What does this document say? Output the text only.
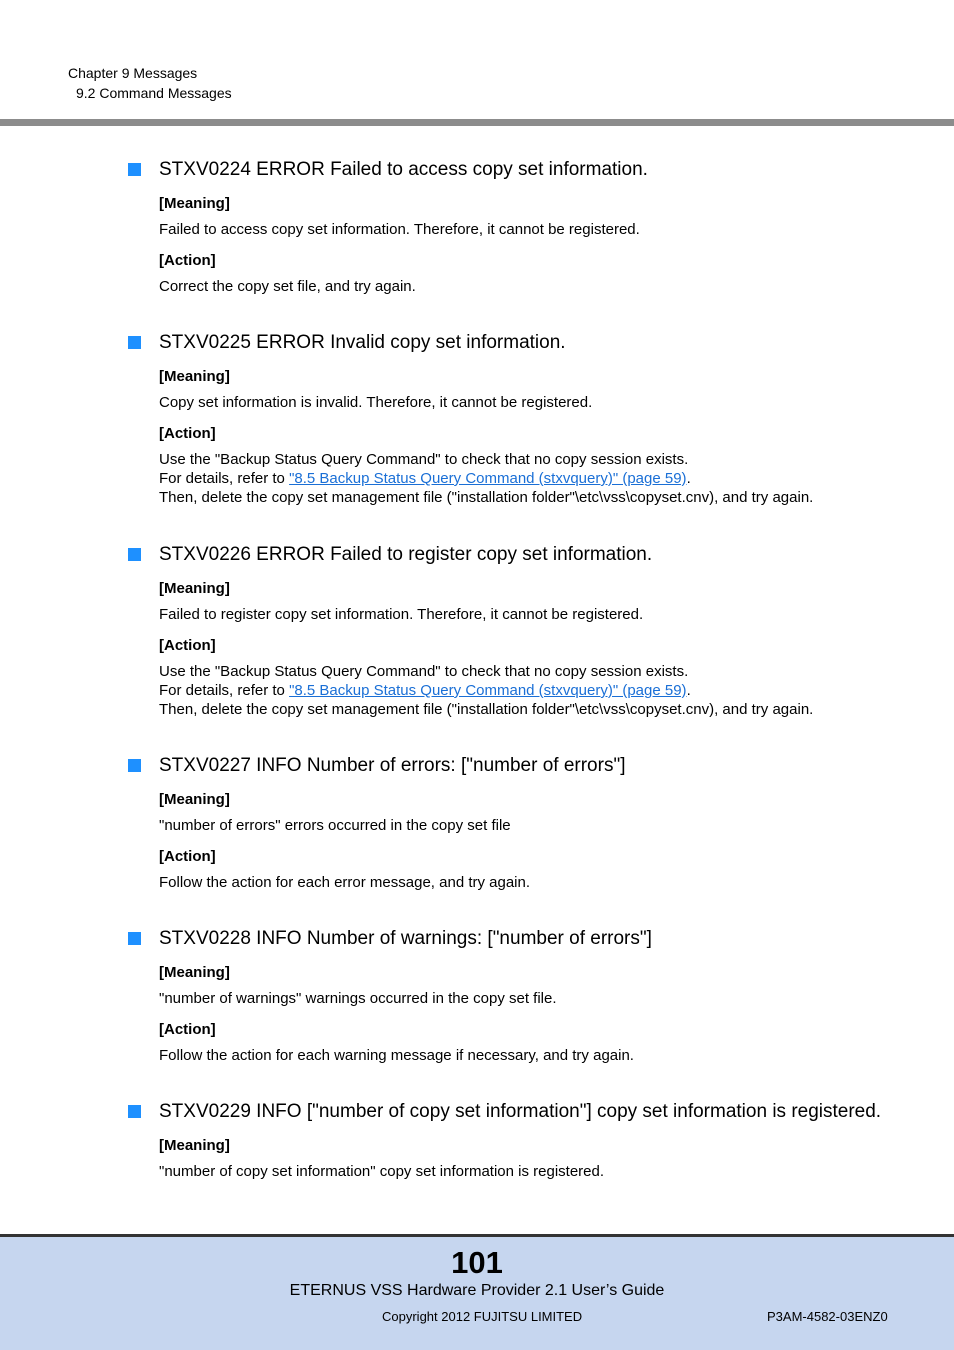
Chapter 9 Messages
9.2 Command Messages
STXV0224 ERROR Failed to access copy set information.
[Meaning]
Failed to access copy set information. Therefore, it cannot be registered.
[Action]
Correct the copy set file, and try again.
STXV0225 ERROR Invalid copy set information.
[Meaning]
Copy set information is invalid. Therefore, it cannot be registered.
[Action]
Use the "Backup Status Query Command" to check that no copy session exists.
For details, refer to "8.5 Backup Status Query Command (stxvquery)" (page 59).
Then, delete the copy set management file ("installation folder"\etc\vss\copyset.cnv), and try again.
STXV0226 ERROR Failed to register copy set information.
[Meaning]
Failed to register copy set information. Therefore, it cannot be registered.
[Action]
Use the "Backup Status Query Command" to check that no copy session exists.
For details, refer to "8.5 Backup Status Query Command (stxvquery)" (page 59).
Then, delete the copy set management file ("installation folder"\etc\vss\copyset.cnv), and try again.
STXV0227 INFO Number of errors: ["number of errors"]
[Meaning]
"number of errors" errors occurred in the copy set file
[Action]
Follow the action for each error message, and try again.
STXV0228 INFO Number of warnings: ["number of errors"]
[Meaning]
"number of warnings" warnings occurred in the copy set file.
[Action]
Follow the action for each warning message if necessary, and try again.
STXV0229 INFO ["number of copy set information"] copy set information is registered.
[Meaning]
"number of copy set information" copy set information is registered.
101
ETERNUS VSS Hardware Provider 2.1 User’s Guide
Copyright 2012 FUJITSU LIMITED	P3AM-4582-03ENZ0
